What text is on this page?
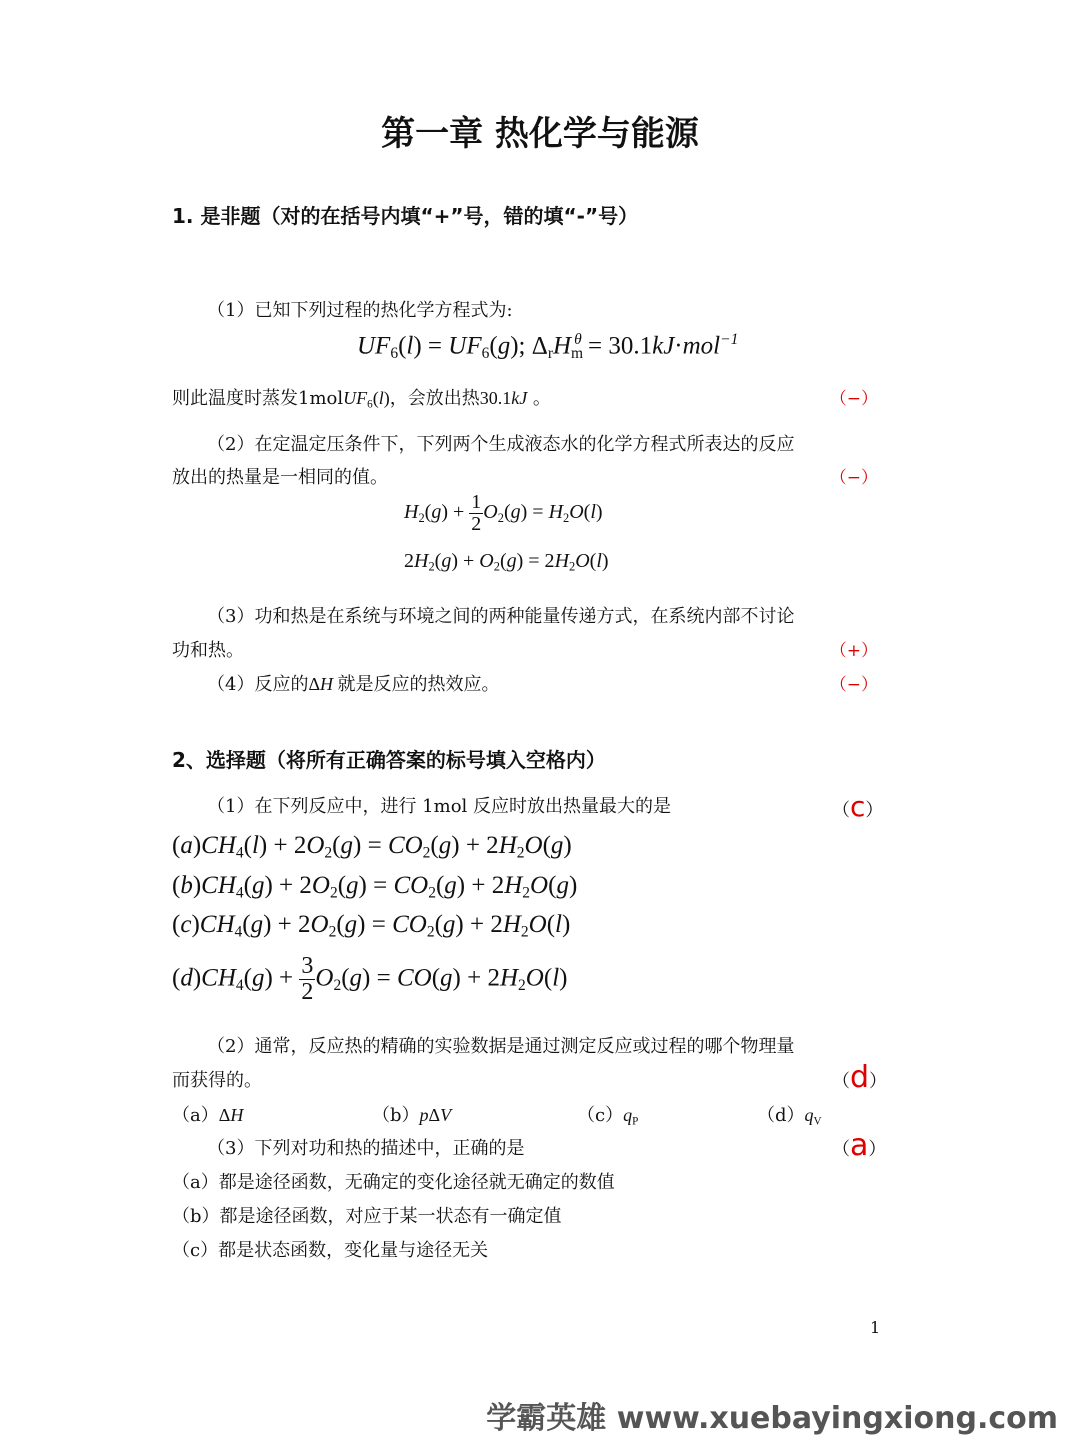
第一章 热化学与能源
1. 是非题（对的在括号内填“+”号，错的填“-”号）
（1）已知下列过程的热化学方程式为:
$UF_6(l) = UF_6(g)$; $\Delta_rH_m^\theta = 30.1kJ\cdot mol^{-1}$
则此温度时蒸发1molUF$_6$(l)，会放出热30.1kJ 。	（−）
（2）在定温定压条件下，下列两个生成液态水的化学方程式所表达的反应
放出的热量是一相同的值。	（−）
$H_2(g) + \frac{1}{2} O_2(g) = H_2O(l)$
$2H_2(g) + O_2(g) = 2H_2O(l)$
（3）功和热是在系统与环境之间的两种能量传递方式，在系统内部不讨论
功和热。	（+）
（4）反应的ΔH 就是反应的热效应。	（−）
2、选择题（将所有正确答案的标号填入空格内）
（1）在下列反应中，进行 1mol 反应时放出热量最大的是	（c）
$(a)CH_4(l) + 2O_2(g) = CO_2(g) + 2H_2O(g)$
$(b)CH_4(g) + 2O_2(g) = CO_2(g) + 2H_2O(g)$
$(c)CH_4(g) + 2O_2(g) = CO_2(g) + 2H_2O(l)$
$(d)CH_4(g) + \frac{3}{2} O_2(g) = CO(g) + 2H_2O(l)$
（2）通常，反应热的精确的实验数据是通过测定反应或过程的哪个物理量
而获得的。	（d）
（a）ΔH	（b）pΔV	$(c)q_P$	$(d)q_V$
（3）下列对功和热的描述中，正确的是	（a）
（a）都是途径函数，无确定的变化途径就无确定的数值
（b）都是途径函数，对应于某一状态有一确定值
（c）都是状态函数，变化量与途径无关
1
学霸英雄 www.xuebayingxiong.com
